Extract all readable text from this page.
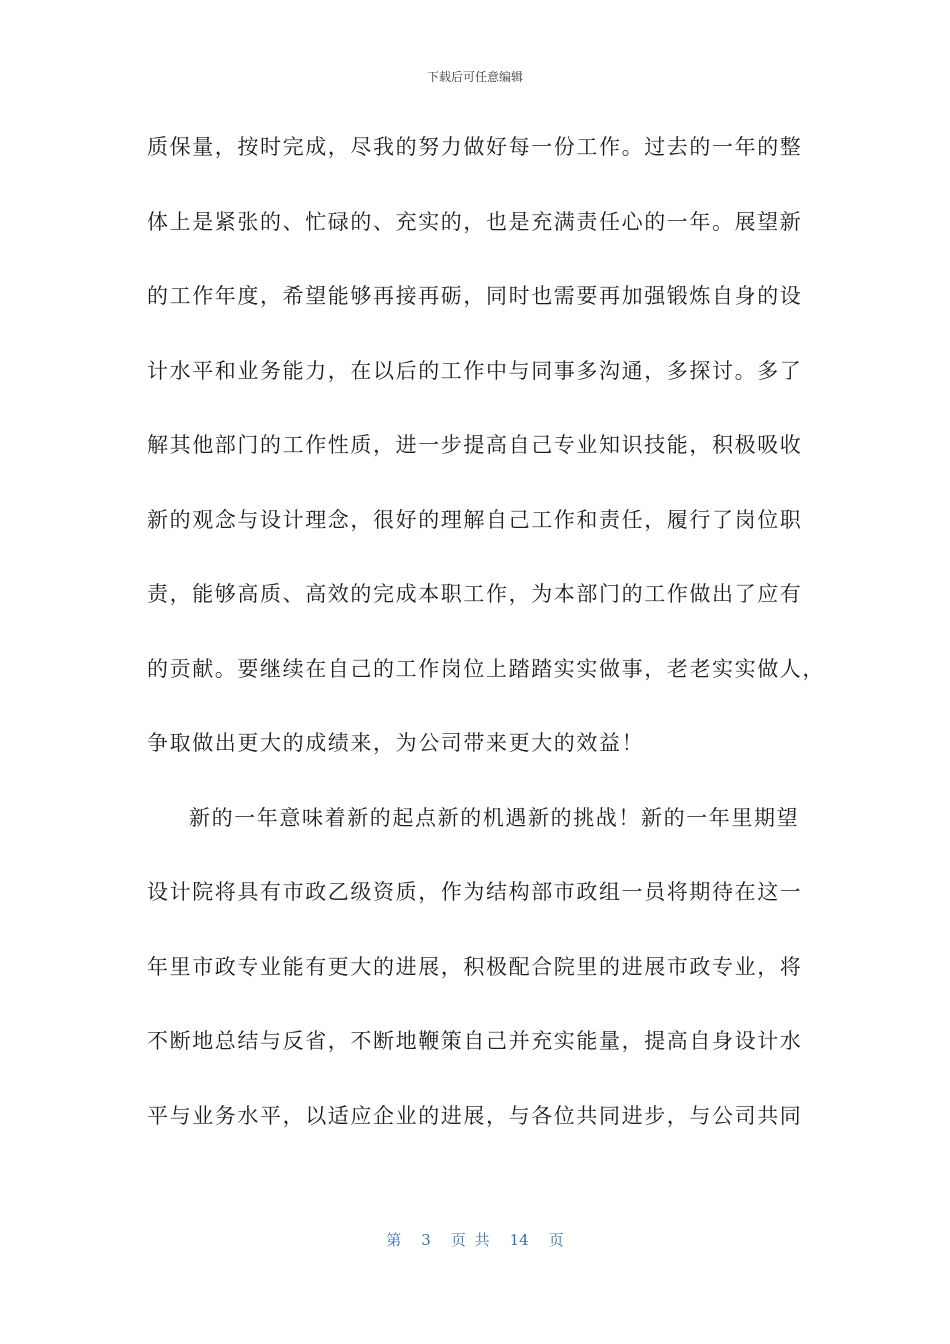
下载后可任意编辑
质保量，按时完成，尽我的努力做好每一份工作。过去的一年的整
体上是紧张的、忙碌的、充实的，也是充满责任心的一年。展望新
的工作年度，希望能够再接再砺，同时也需要再加强锻炼自身的设
计水平和业务能力，在以后的工作中与同事多沟通，多探讨。多了
解其他部门的工作性质，进一步提高自己专业知识技能，积极吸收
新的观念与设计理念，很好的理解自己工作和责任，履行了岗位职
责，能够高质、高效的完成本职工作，为本部门的工作做出了应有
的贡献。要继续在自己的工作岗位上踏踏实实做事，老老实实做人，
争取做出更大的成绩来，为公司带来更大的效益！
新的一年意味着新的起点新的机遇新的挑战！新的一年里期望
设计院将具有市政乙级资质，作为结构部市政组一员将期待在这一
年里市政专业能有更大的进展，积极配合院里的进展市政专业，将
不断地总结与反省，不断地鞭策自己并充实能量，提高自身设计水
平与业务水平，以适应企业的进展，与各位共同进步，与公司共同
第 3 页 共 14 页
